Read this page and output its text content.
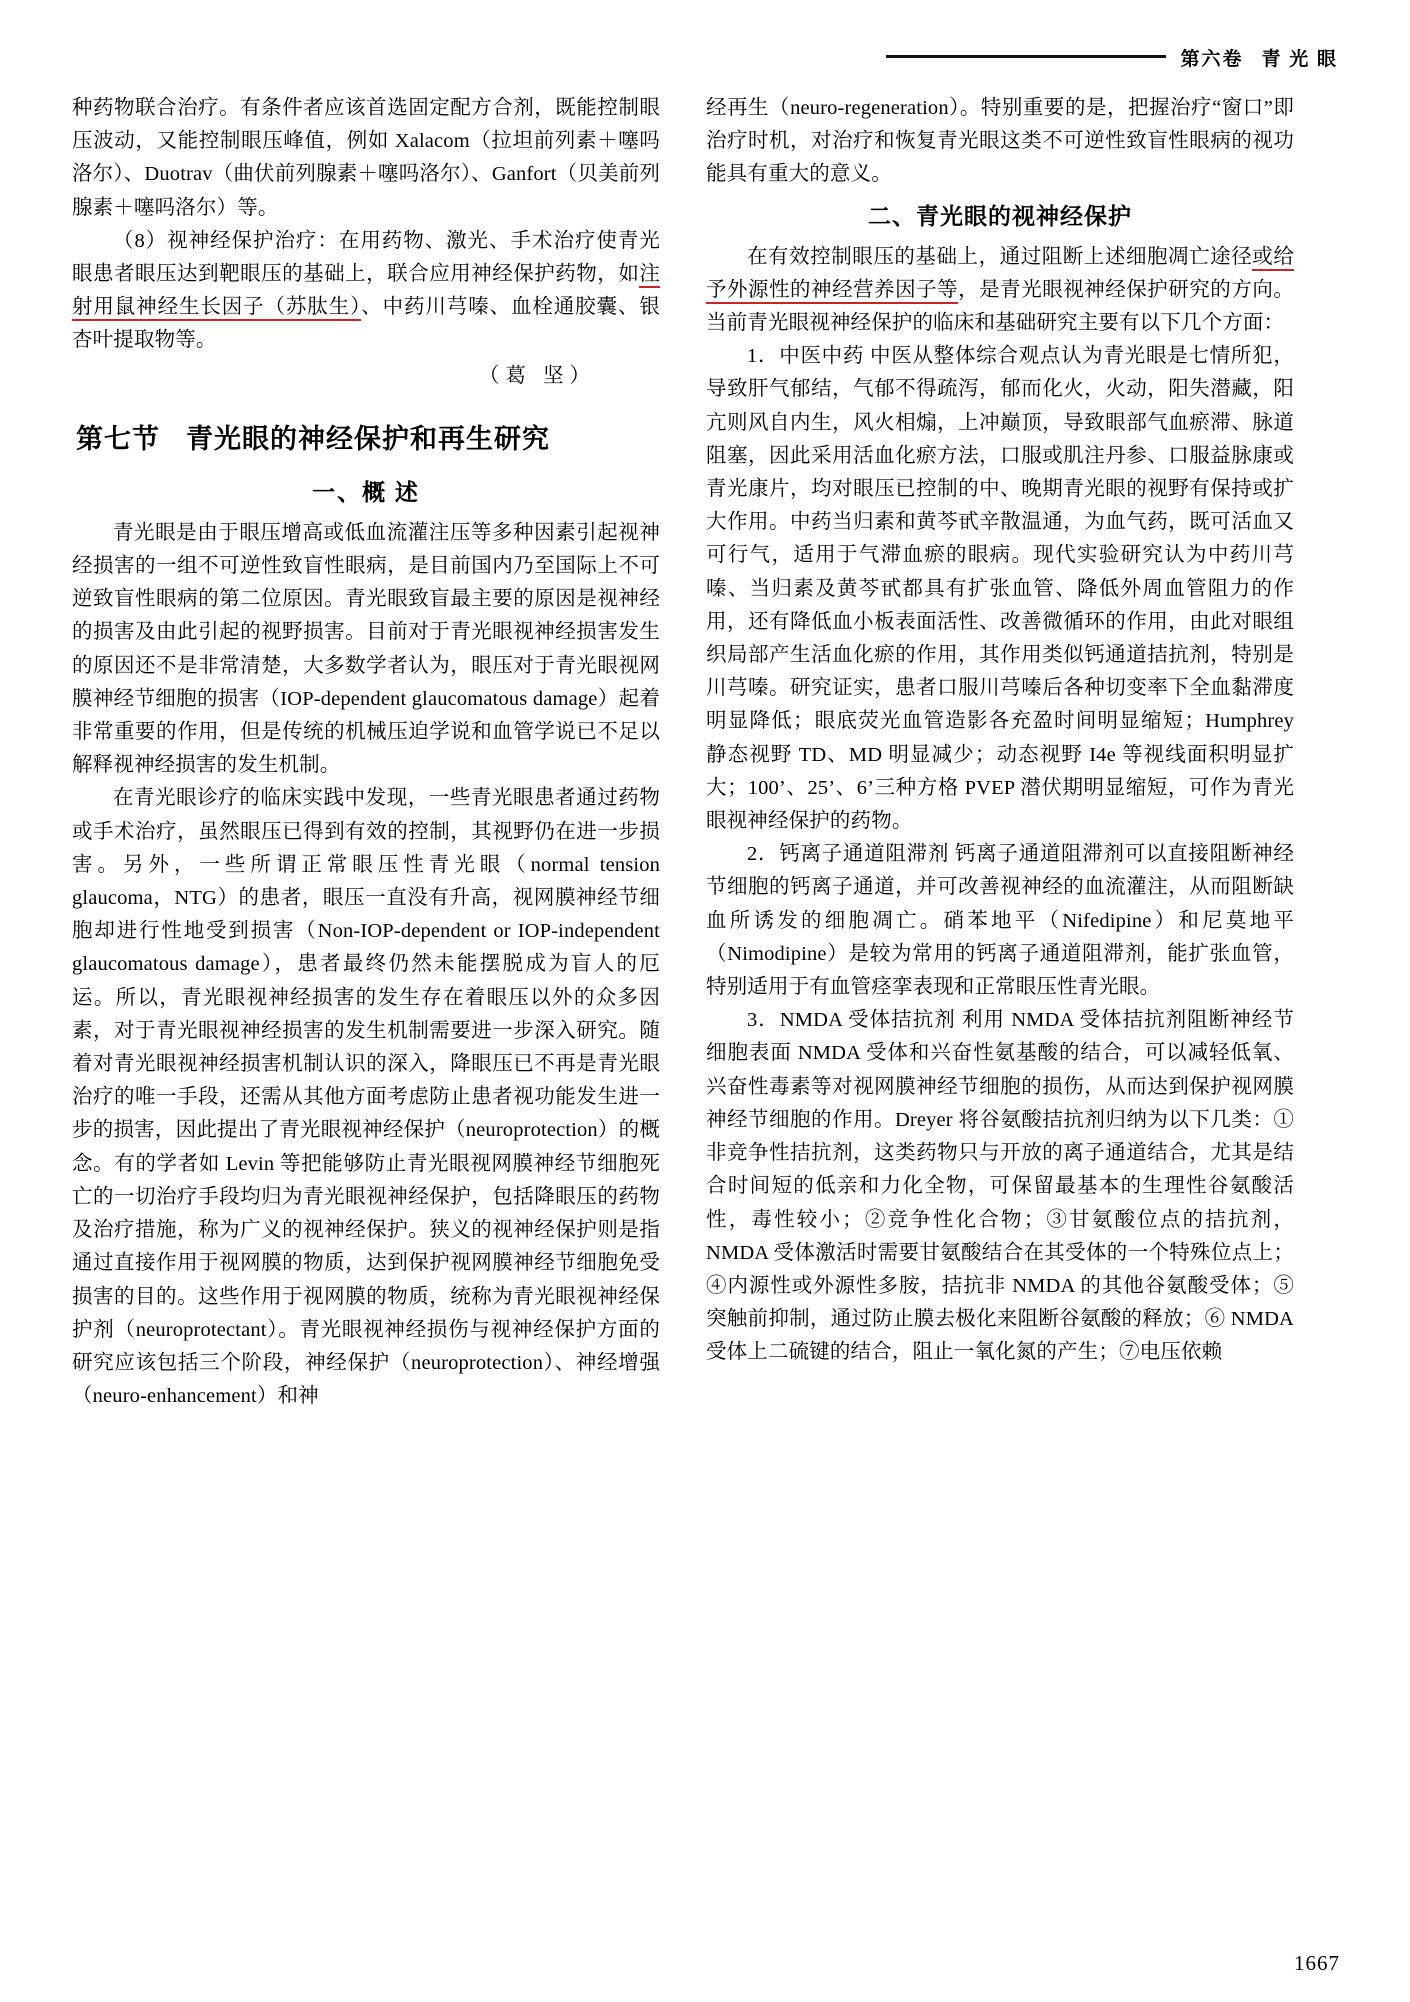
第六卷 青 光 眼

种药物联合治疗。有条件者应该首选固定配方合剂，既能控制眼压波动，又能控制眼压峰值，例如 Xalacom（拉坦前列素＋噻吗洛尔）、Duotrav（曲伏前列腺素＋噻吗洛尔）、Ganfort（贝美前列腺素＋噻吗洛尔）等。

（8）视神经保护治疗：在用药物、激光、手术治疗使青光眼患者眼压达到靶眼压的基础上，联合应用神经保护药物，如注射用鼠神经生长因子（苏肽生）、中药川芎嗪、血栓通胶囊、银杏叶提取物等。

（葛 坚）
第七节 青光眼的神经保护和再生研究
一、概 述

青光眼是由于眼压增高或低血流灌注压等多种因素引起视神经损害的一组不可逆性致盲性眼病，是目前国内乃至国际上不可逆致盲性眼病的第二位原因。青光眼致盲最主要的原因是视神经的损害及由此引起的视野损害。目前对于青光眼视神经损害发生的原因还不是非常清楚，大多数学者认为，眼压对于青光眼视网膜神经节细胞的损害（IOP-dependent glaucomatous damage）起着非常重要的作用，但是传统的机械压迫学说和血管学说已不足以解释视神经损害的发生机制。

在青光眼诊疗的临床实践中发现，一些青光眼患者通过药物或手术治疗，虽然眼压已得到有效的控制，其视野仍在进一步损害。另外，一些所谓正常眼压性青光眼（normal tension glaucoma，NTG）的患者，眼压一直没有升高，视网膜神经节细胞却进行性地受到损害（Non-IOP-dependent or IOP-independent glaucomatous damage），患者最终仍然未能摆脱成为盲人的厄运。所以，青光眼视神经损害的发生存在着眼压以外的众多因素，对于青光眼视神经损害的发生机制需要进一步深入研究。随着对青光眼视神经损害机制认识的深入，降眼压已不再是青光眼治疗的唯一手段，还需从其他方面考虑防止患者视功能发生进一步的损害，因此提出了青光眼视神经保护（neuroprotection）的概念。有的学者如 Levin 等把能够防止青光眼视网膜神经节细胞死亡的一切治疗手段均归为青光眼视神经保护，包括降眼压的药物及治疗措施，称为广义的视神经保护。狭义的视神经保护则是指通过直接作用于视网膜的物质，达到保护视网膜神经节细胞免受损害的目的。这些作用于视网膜的物质，统称为青光眼视神经保护剂（neuroprotectant）。青光眼视神经损伤与视神经保护方面的研究应该包括三个阶段，神经保护（neuroprotection）、神经增强（neuro-enhancement）和神

经再生（neuro-regeneration）。特别重要的是，把握治疗“窗口”即治疗时机，对治疗和恢复青光眼这类不可逆性致盲性眼病的视功能具有重大的意义。

二、青光眼的视神经保护

在有效控制眼压的基础上，通过阻断上述细胞凋亡途径或给予外源性的神经营养因子等，是青光眼视神经保护研究的方向。当前青光眼视神经保护的临床和基础研究主要有以下几个方面：

1．中医中药 中医从整体综合观点认为青光眼是七情所犯，导致肝气郁结，气郁不得疏泻，郁而化火，火动，阳失潜藏，阳亢则风自内生，风火相煽，上冲巅顶，导致眼部气血瘀滞、脉道阻塞，因此采用活血化瘀方法，口服或肌注丹参、口服益脉康或青光康片，均对眼压已控制的中、晚期青光眼的视野有保持或扩大作用。中药当归素和黄芩甙辛散温通，为血气药，既可活血又可行气，适用于气滞血瘀的眼病。现代实验研究认为中药川芎嗪、当归素及黄芩甙都具有扩张血管、降低外周血管阻力的作用，还有降低血小板表面活性、改善微循环的作用，由此对眼组织局部产生活血化瘀的作用，其作用类似钙通道拮抗剂，特别是川芎嗪。研究证实，患者口服川芎嗪后各种切变率下全血黏滞度明显降低；眼底荧光血管造影各充盈时间明显缩短；Humphrey 静态视野 TD、MD 明显减少；动态视野 I4e 等视线面积明显扩大；100’、25’、6’三种方格 PVEP 潜伏期明显缩短，可作为青光眼视神经保护的药物。

2．钙离子通道阻滞剂 钙离子通道阻滞剂可以直接阻断神经节细胞的钙离子通道，并可改善视神经的血流灌注，从而阻断缺血所诱发的细胞凋亡。硝苯地平（Nifedipine）和尼莫地平（Nimodipine）是较为常用的钙离子通道阻滞剂，能扩张血管，特别适用于有血管痉挛表现和正常眼压性青光眼。

3．NMDA 受体拮抗剂 利用 NMDA 受体拮抗剂阻断神经节细胞表面 NMDA 受体和兴奋性氨基酸的结合，可以减轻低氧、兴奋性毒素等对视网膜神经节细胞的损伤，从而达到保护视网膜神经节细胞的作用。Dreyer 将谷氨酸拮抗剂归纳为以下几类：①非竞争性拮抗剂，这类药物只与开放的离子通道结合，尤其是结合时间短的低亲和力化全物，可保留最基本的生理性谷氨酸活性，毒性较小；②竞争性化合物；③甘氨酸位点的拮抗剂，NMDA 受体激活时需要甘氨酸结合在其受体的一个特殊位点上；④内源性或外源性多胺，拮抗非 NMDA 的其他谷氨酸受体；⑤突触前抑制，通过防止膜去极化来阻断谷氨酸的释放；⑥ NMDA 受体上二硫键的结合，阻止一氧化氮的产生；⑦电压依赖

1667
